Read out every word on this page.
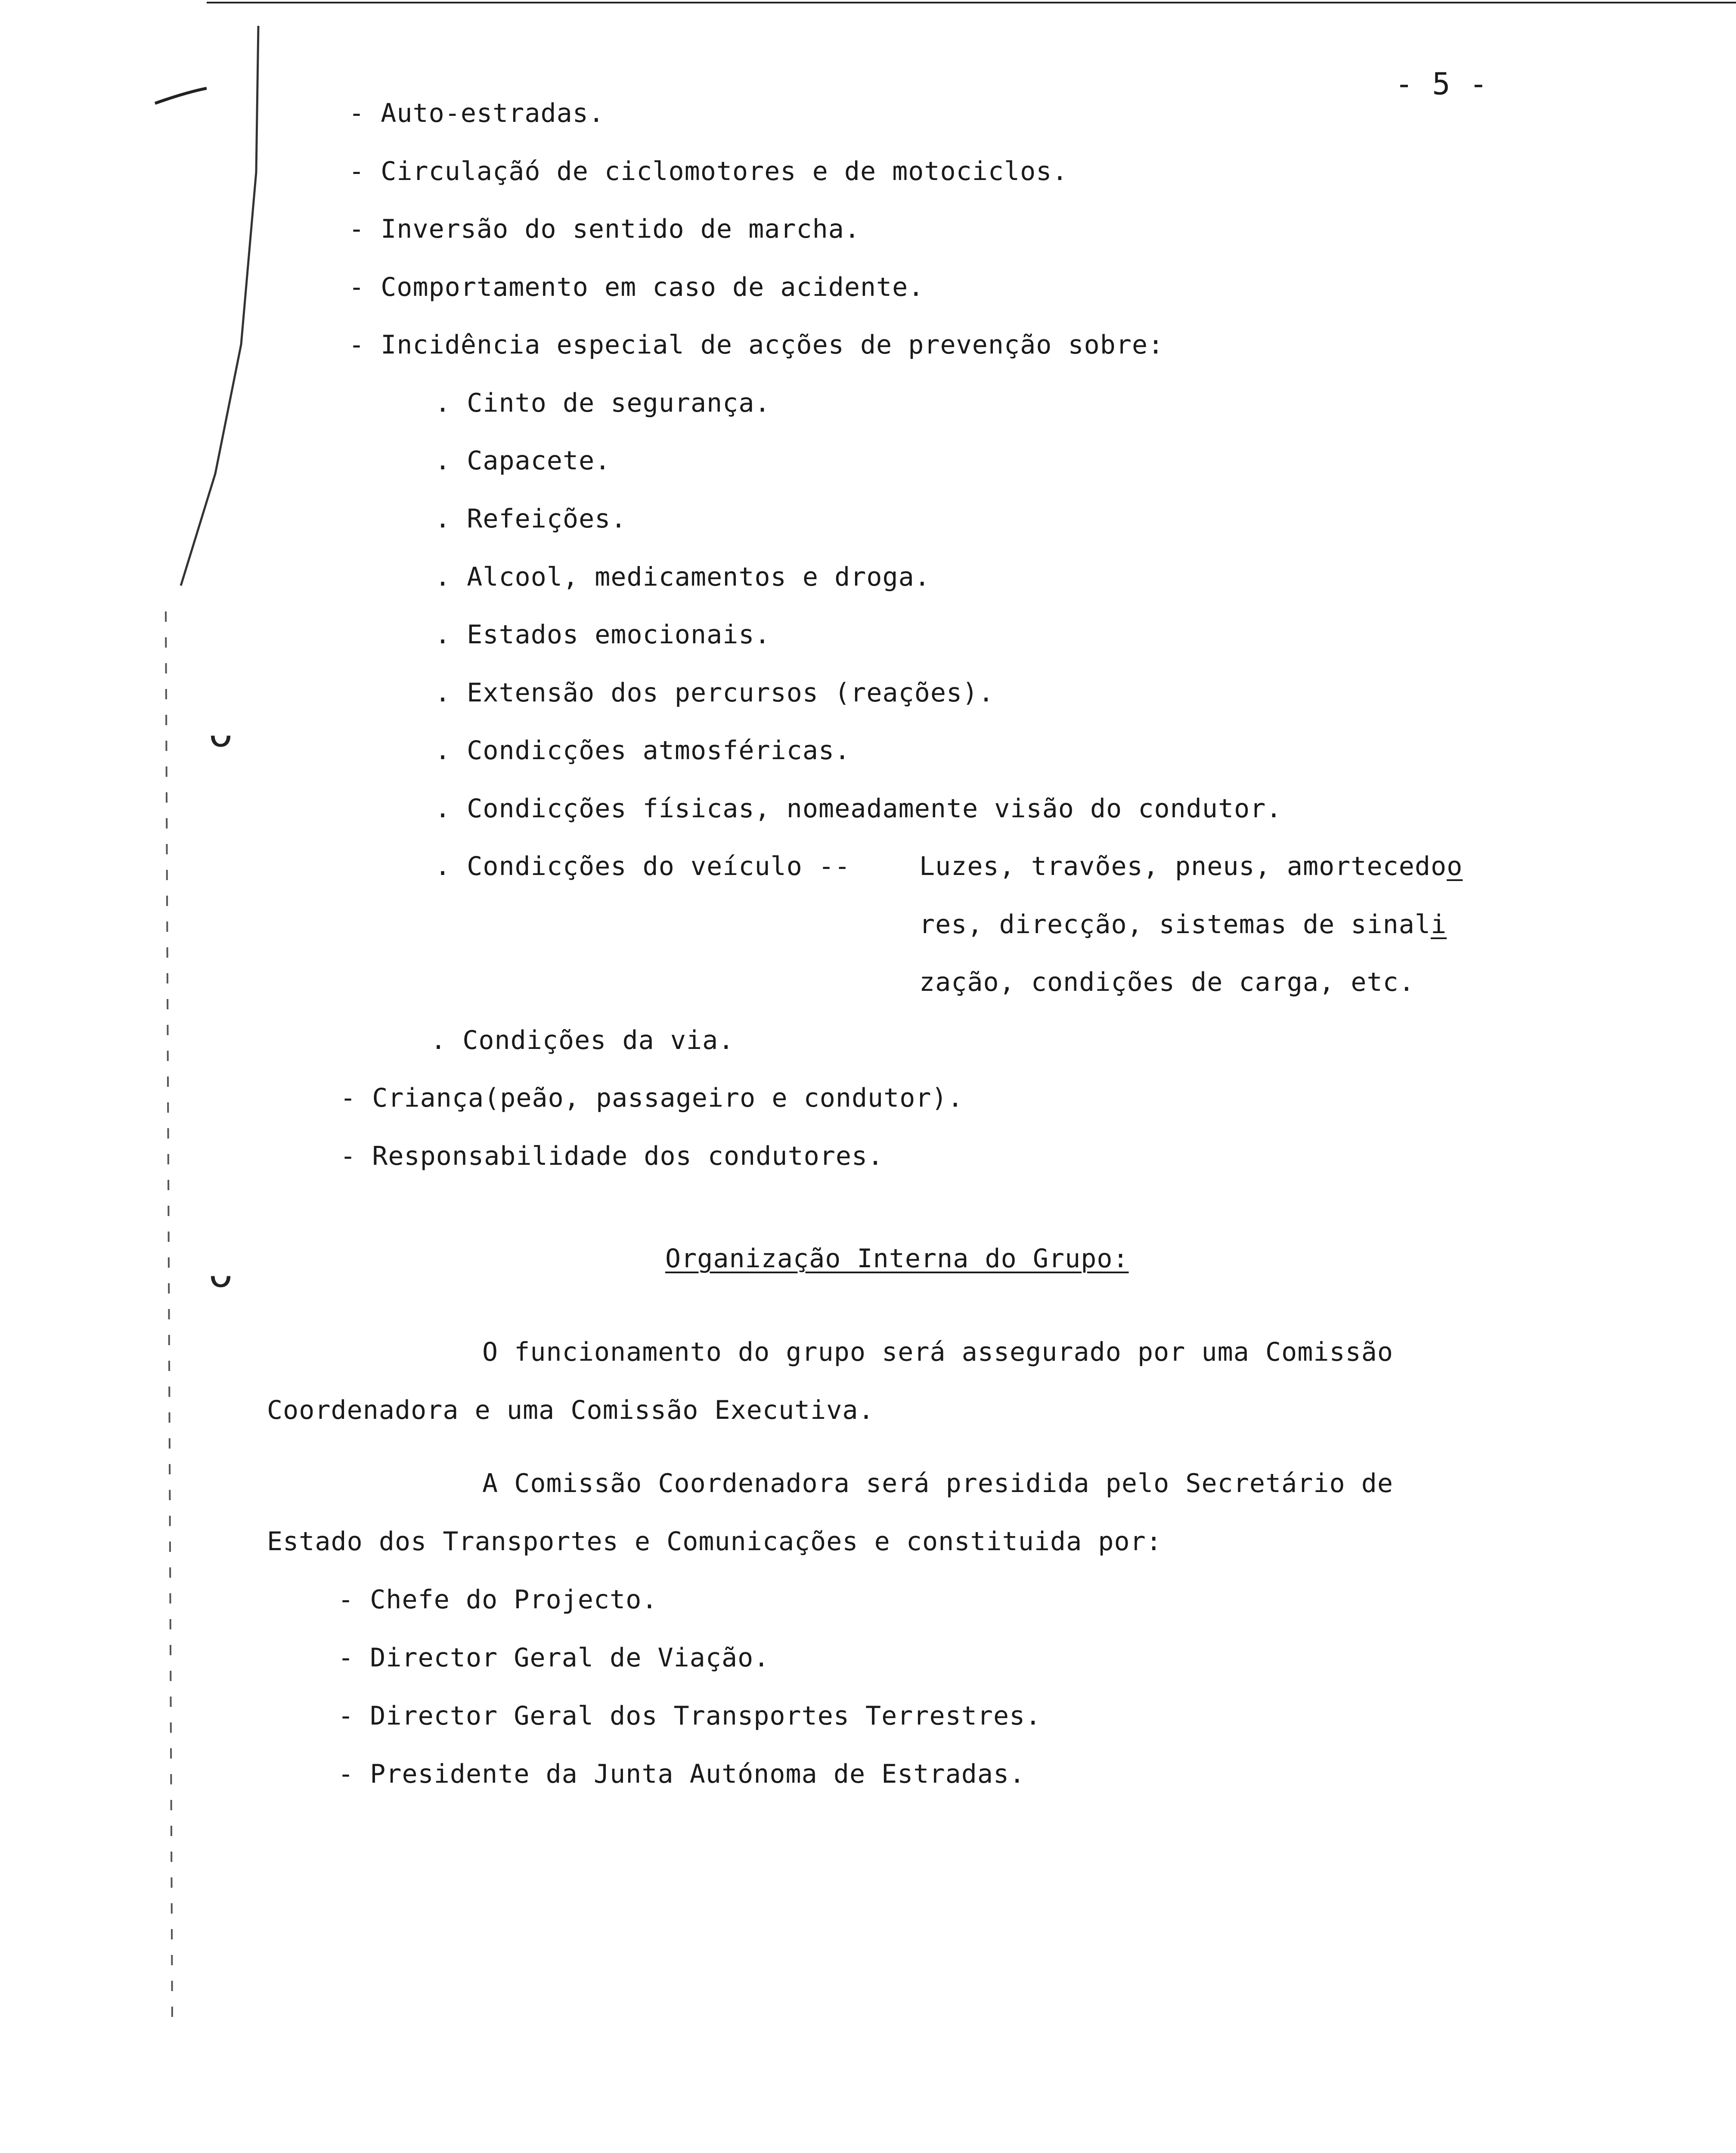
- 5 -
- Auto-estradas.
- Circulaçãó de ciclomotores e de motociclos.
- Inversão do sentido de marcha.
- Comportamento em caso de acidente.
- Incidência especial de acções de prevenção sobre:
. Cinto de segurança.
. Capacete.
. Refeições.
. Alcool, medicamentos e droga.
. Estados emocionais.
. Extensão dos percursos (reações).
. Condicções atmosféricas.
. Condicções físicas, nomeadamente visão do condutor.
. Condicções do veículo -- Luzes, travões, pneus, amortecedoo
res, direcção, sistemas de sinali
zação, condições de carga, etc.
. Condições da via.
- Criança(peão, passageiro e condutor).
- Responsabilidade dos condutores.
Organização Interna do Grupo:
O funcionamento do grupo será assegurado por uma Comissão
Coordenadora e uma Comissão Executiva.
A Comissão Coordenadora será presidida pelo Secretário de
Estado dos Transportes e Comunicações e constituida por:
- Chefe do Projecto.
- Director Geral de Viação.
- Director Geral dos Transportes Terrestres.
- Presidente da Junta Autónoma de Estradas.
ᴗ
ᴗ
